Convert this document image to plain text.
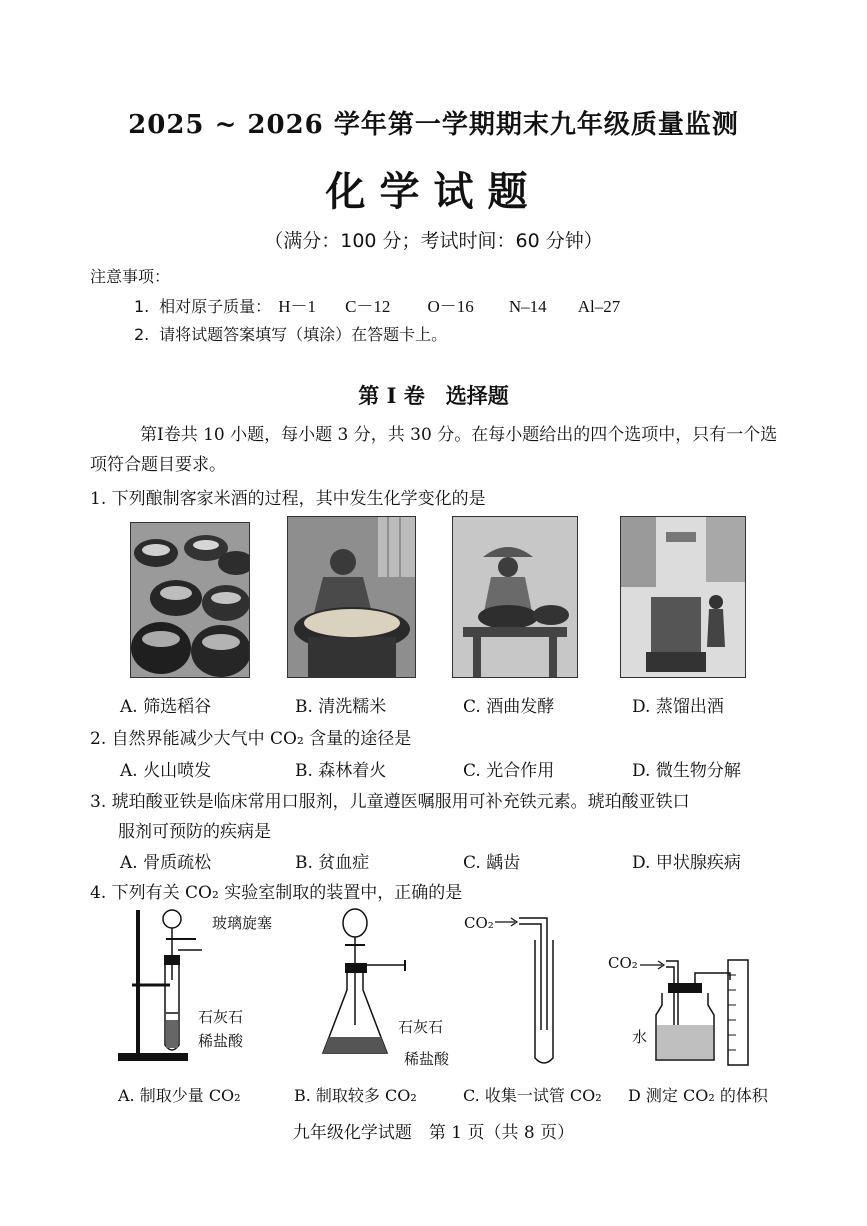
2025 ~ 2026 学年第一学期期末九年级质量监测
化学试题
（满分：100 分；考试时间：60 分钟）
注意事项：
1. 相对原子质量： H－1 C－12 O－16 N–14 Al–27
2. 请将试题答案填写（填涂）在答题卡上。
第 I 卷　选择题
第Ⅰ卷共 10 小题，每小题 3 分，共 30 分。在每小题给出的四个选项中，只有一个选项符合题目要求。
1. 下列酿制客家米酒的过程，其中发生化学变化的是
A. 筛选稻谷	B. 清洗糯米	C. 酒曲发酵	D. 蒸馏出酒
2. 自然界能减少大气中 CO₂ 含量的途径是
A. 火山喷发	B. 森林着火	C. 光合作用	D. 微生物分解
3. 琥珀酸亚铁是临床常用口服剂，儿童遵医嘱服用可补充铁元素。琥珀酸亚铁口
服剂可预防的疾病是
A. 骨质疏松	B. 贫血症	C. 龋齿	D. 甲状腺疾病
4. 下列有关 CO₂ 实验室制取的装置中，正确的是
玻璃旋塞
石灰石
稀盐酸
石灰石
稀盐酸
CO₂
CO₂
水
A. 制取少量 CO₂	B. 制取较多 CO₂	C. 收集一试管 CO₂ D 测定 CO₂ 的体积
九年级化学试题　第 1 页（共 8 页）
